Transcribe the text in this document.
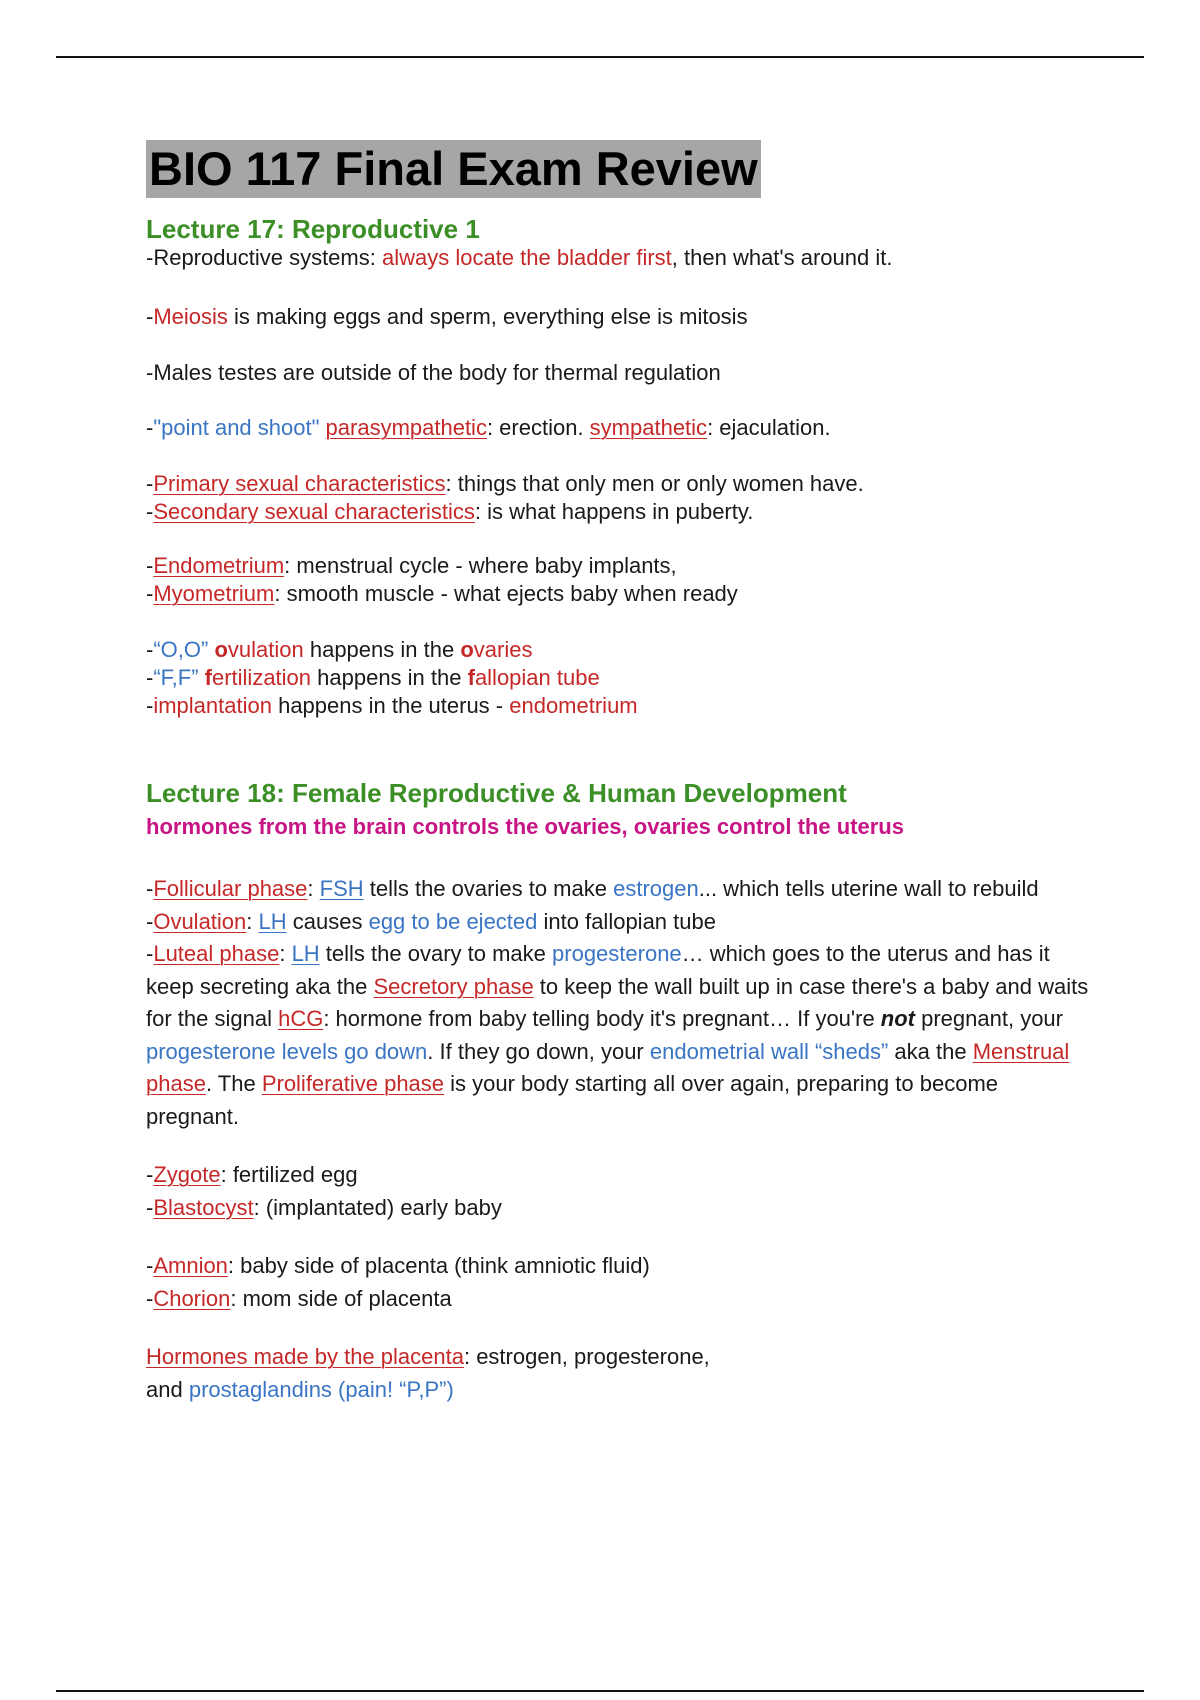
BIO 117 Final Exam Review
Lecture 17: Reproductive 1

-Reproductive systems: always locate the bladder first, then what's around it.

-Meiosis is making eggs and sperm, everything else is mitosis

-Males testes are outside of the body for thermal regulation

-"point and shoot" parasympathetic: erection. sympathetic: ejaculation.

-Primary sexual characteristics: things that only men or only women have.

-Secondary sexual characteristics: is what happens in puberty.

-Endometrium: menstrual cycle - where baby implants,

-Myometrium: smooth muscle - what ejects baby when ready

-“O,O” ovulation happens in the ovaries

-“F,F” fertilization happens in the fallopian tube

-implantation happens in the uterus - endometrium

Lecture 18: Female Reproductive & Human Development

hormones from the brain controls the ovaries, ovaries control the uterus

-Follicular phase: FSH tells the ovaries to make estrogen... which tells uterine wall to rebuild

-Ovulation: LH causes egg to be ejected into fallopian tube

-Luteal phase: LH tells the ovary to make progesterone… which goes to the uterus and has it keep secreting aka the Secretory phase to keep the wall built up in case there's a baby and waits for the signal hCG: hormone from baby telling body it's pregnant… If you're not pregnant, your progesterone levels go down. If they go down, your endometrial wall “sheds” aka the Menstrual phase. The Proliferative phase is your body starting all over again, preparing to become pregnant.

-Zygote: fertilized egg

-Blastocyst: (implantated) early baby

-Amnion: baby side of placenta (think amniotic fluid)

-Chorion: mom side of placenta

Hormones made by the placenta: estrogen, progesterone,

and prostaglandins (pain! “P,P”)
